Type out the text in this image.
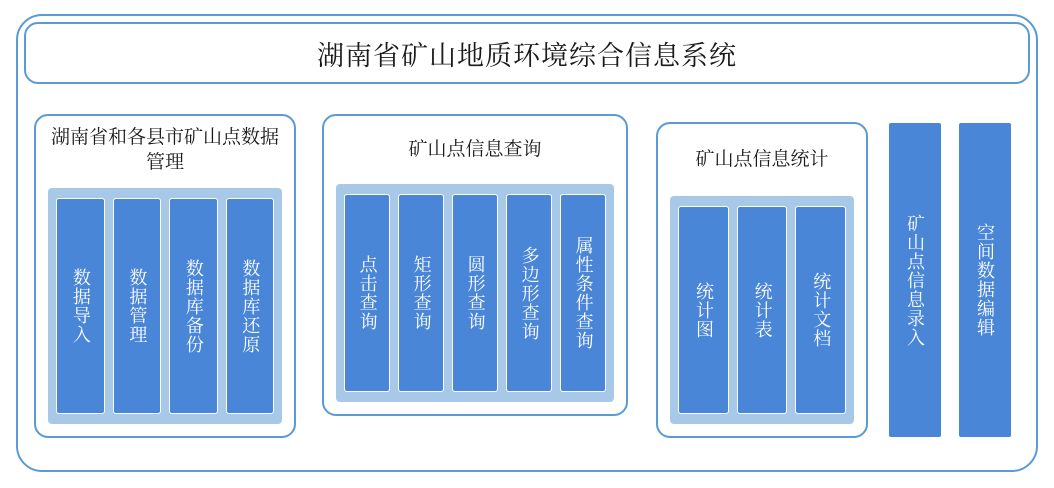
湖南省矿山地质环境综合信息系统
湖南省和各县市矿山点数据管理
数据导入	数据管理	数据库备份	数据库还原
矿山点信息查询
点击查询	矩形查询	圆形查询	多边形查询	属性条件查询
矿山点信息统计
统计图	统计表	统计文档	矿山点信息录入	空间数据编辑
